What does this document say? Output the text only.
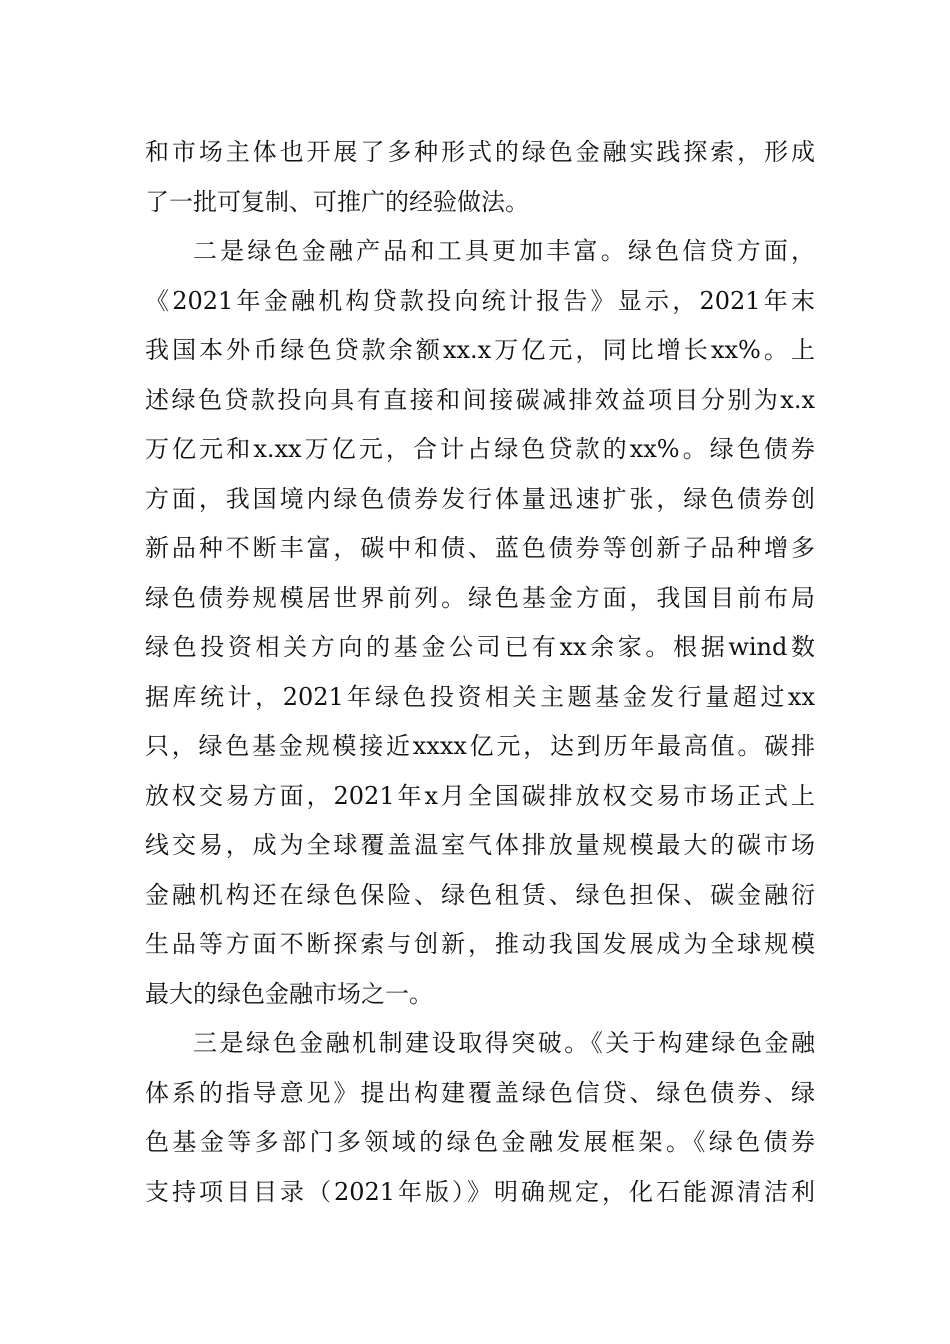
和市场主体也开展了多种形式的绿色金融实践探索，形成
了一批可复制、可推广的经验做法。
二是绿色金融产品和工具更加丰富。绿色信贷方面，
《2021年金融机构贷款投向统计报告》显示，2021年末
我国本外币绿色贷款余额xx.x万亿元，同比增长xx%。上
述绿色贷款投向具有直接和间接碳减排效益项目分别为x.x
万亿元和x.xx万亿元，合计占绿色贷款的xx%。绿色债券
方面，我国境内绿色债券发行体量迅速扩张，绿色债券创
新品种不断丰富，碳中和债、蓝色债券等创新子品种增多
绿色债券规模居世界前列。绿色基金方面，我国目前布局
绿色投资相关方向的基金公司已有xx余家。根据wind数
据库统计，2021年绿色投资相关主题基金发行量超过xx
只，绿色基金规模接近xxxx亿元，达到历年最高值。碳排
放权交易方面，2021年x月全国碳排放权交易市场正式上
线交易，成为全球覆盖温室气体排放量规模最大的碳市场
金融机构还在绿色保险、绿色租赁、绿色担保、碳金融衍
生品等方面不断探索与创新，推动我国发展成为全球规模
最大的绿色金融市场之一。
三是绿色金融机制建设取得突破。《关于构建绿色金融
体系的指导意见》提出构建覆盖绿色信贷、绿色债券、绿
色基金等多部门多领域的绿色金融发展框架。《绿色债券
支持项目目录（2021年版）》明确规定，化石能源清洁利
